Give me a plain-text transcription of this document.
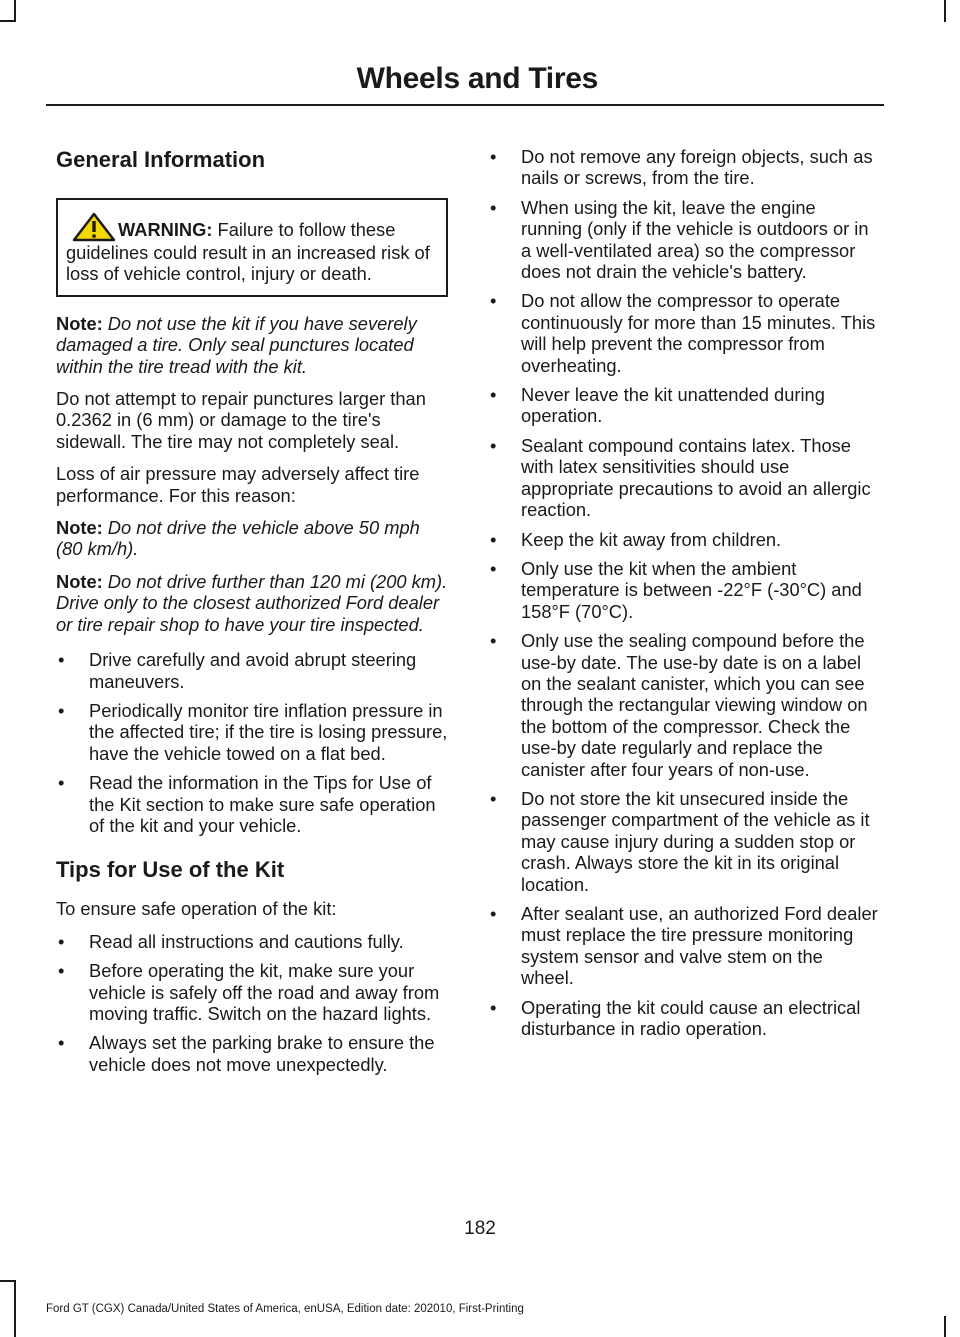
Wheels and Tires
General Information
WARNING: Failure to follow these guidelines could result in an increased risk of loss of vehicle control, injury or death.

Note: Do not use the kit if you have severely damaged a tire. Only seal punctures located within the tire tread with the kit.

Do not attempt to repair punctures larger than 0.2362 in (6 mm) or damage to the tire's sidewall. The tire may not completely seal.

Loss of air pressure may adversely affect tire performance. For this reason:

Note: Do not drive the vehicle above 50 mph (80 km/h).

Note: Do not drive further than 120 mi (200 km). Drive only to the closest authorized Ford dealer or tire repair shop to have your tire inspected.

• Drive carefully and avoid abrupt steering maneuvers.
• Periodically monitor tire inflation pressure in the affected tire; if the tire is losing pressure, have the vehicle towed on a flat bed.
• Read the information in the Tips for Use of the Kit section to make sure safe operation of the kit and your vehicle.
Tips for Use of the Kit

To ensure safe operation of the kit:

• Read all instructions and cautions fully.
• Before operating the kit, make sure your vehicle is safely off the road and away from moving traffic. Switch on the hazard lights.
• Always set the parking brake to ensure the vehicle does not move unexpectedly.
• Do not remove any foreign objects, such as nails or screws, from the tire.
• When using the kit, leave the engine running (only if the vehicle is outdoors or in a well-ventilated area) so the compressor does not drain the vehicle's battery.
• Do not allow the compressor to operate continuously for more than 15 minutes. This will help prevent the compressor from overheating.
• Never leave the kit unattended during operation.
• Sealant compound contains latex. Those with latex sensitivities should use appropriate precautions to avoid an allergic reaction.
• Keep the kit away from children.
• Only use the kit when the ambient temperature is between -22°F (-30°C) and 158°F (70°C).
• Only use the sealing compound before the use-by date. The use-by date is on a label on the sealant canister, which you can see through the rectangular viewing window on the bottom of the compressor. Check the use-by date regularly and replace the canister after four years of non-use.
• Do not store the kit unsecured inside the passenger compartment of the vehicle as it may cause injury during a sudden stop or crash. Always store the kit in its original location.
• After sealant use, an authorized Ford dealer must replace the tire pressure monitoring system sensor and valve stem on the wheel.
• Operating the kit could cause an electrical disturbance in radio operation.
182
Ford GT (CGX) Canada/United States of America, enUSA, Edition date: 202010, First-Printing
